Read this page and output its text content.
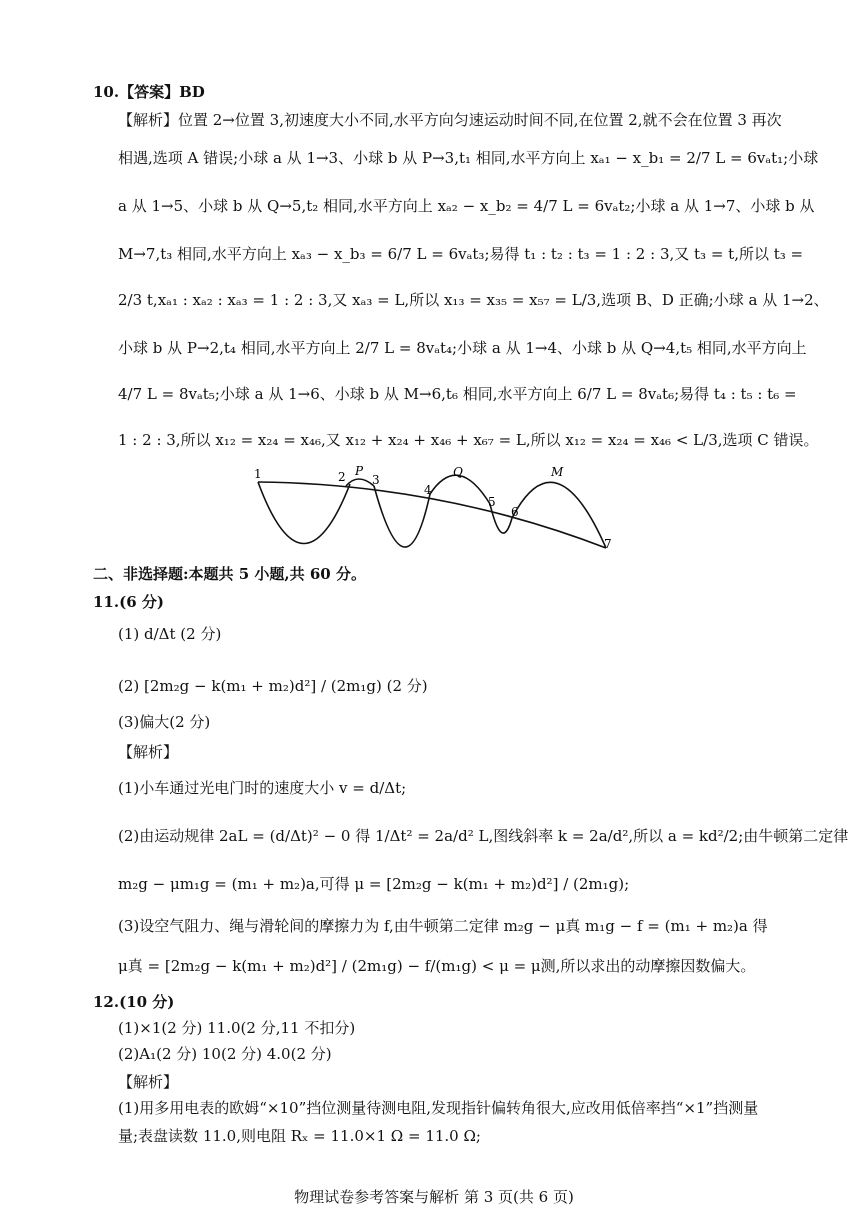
10.【答案】BD
【解析】位置 2→位置 3,初速度大小不同,水平方向匀速运动时间不同,在位置 2,就不会在位置 3 再次
相遇,选项 A 错误;小球 a 从 1→3、小球 b 从 P→3,t₁ 相同,水平方向上 xₐ₁ − x_b₁ = 2/7 L = 6vₐt₁;小球
a 从 1→5、小球 b 从 Q→5,t₂ 相同,水平方向上 xₐ₂ − x_b₂ = 4/7 L = 6vₐt₂;小球 a 从 1→7、小球 b 从
M→7,t₃ 相同,水平方向上 xₐ₃ − x_b₃ = 6/7 L = 6vₐt₃;易得 t₁ : t₂ : t₃ = 1 : 2 : 3,又 t₃ = t,所以 t₃ =
2/3 t,xₐ₁ : xₐ₂ : xₐ₃ = 1 : 2 : 3,又 xₐ₃ = L,所以 x₁₃ = x₃₅ = x₅₇ = L/3,选项 B、D 正确;小球 a 从 1→2、
小球 b 从 P→2,t₄ 相同,水平方向上 2/7 L = 8vₐt₄;小球 a 从 1→4、小球 b 从 Q→4,t₅ 相同,水平方向上
4/7 L = 8vₐt₅;小球 a 从 1→6、小球 b 从 M→6,t₆ 相同,水平方向上 6/7 L = 8vₐt₆;易得 t₄ : t₅ : t₆ =
1 : 2 : 3,所以 x₁₂ = x₂₄ = x₄₆,又 x₁₂ + x₂₄ + x₄₆ + x₆₇ = L,所以 x₁₂ = x₂₄ = x₄₆ < L/3,选项 C 错误。
1	2 P
3
4
Q
5
6
M
7
二、非选择题:本题共 5 小题,共 60 分。
11.(6 分)
(1) d/Δt (2 分)
(2) [2m₂g − k(m₁ + m₂)d²] / (2m₁g) (2 分)
(3)偏大(2 分)
【解析】
(1)小车通过光电门时的速度大小 v = d/Δt;
(2)由运动规律 2aL = (d/Δt)² − 0 得 1/Δt² = 2a/d² L,图线斜率 k = 2a/d²,所以 a = kd²/2;由牛顿第二定律
m₂g − μm₁g = (m₁ + m₂)a,可得 μ = [2m₂g − k(m₁ + m₂)d²] / (2m₁g);
(3)设空气阻力、绳与滑轮间的摩擦力为 f,由牛顿第二定律 m₂g − μ真 m₁g − f = (m₁ + m₂)a 得
μ真 = [2m₂g − k(m₁ + m₂)d²] / (2m₁g) − f/(m₁g) < μ = μ测,所以求出的动摩擦因数偏大。
12.(10 分)
(1)×1(2 分) 11.0(2 分,11 不扣分)
(2)A₁(2 分) 10(2 分) 4.0(2 分)
【解析】
(1)用多用电表的欧姆“×10”挡位测量待测电阻,发现指针偏转角很大,应改用低倍率挡“×1”挡测量
量;表盘读数 11.0,则电阻 Rₓ = 11.0×1 Ω = 11.0 Ω;
物理试卷参考答案与解析 第 3 页(共 6 页)
